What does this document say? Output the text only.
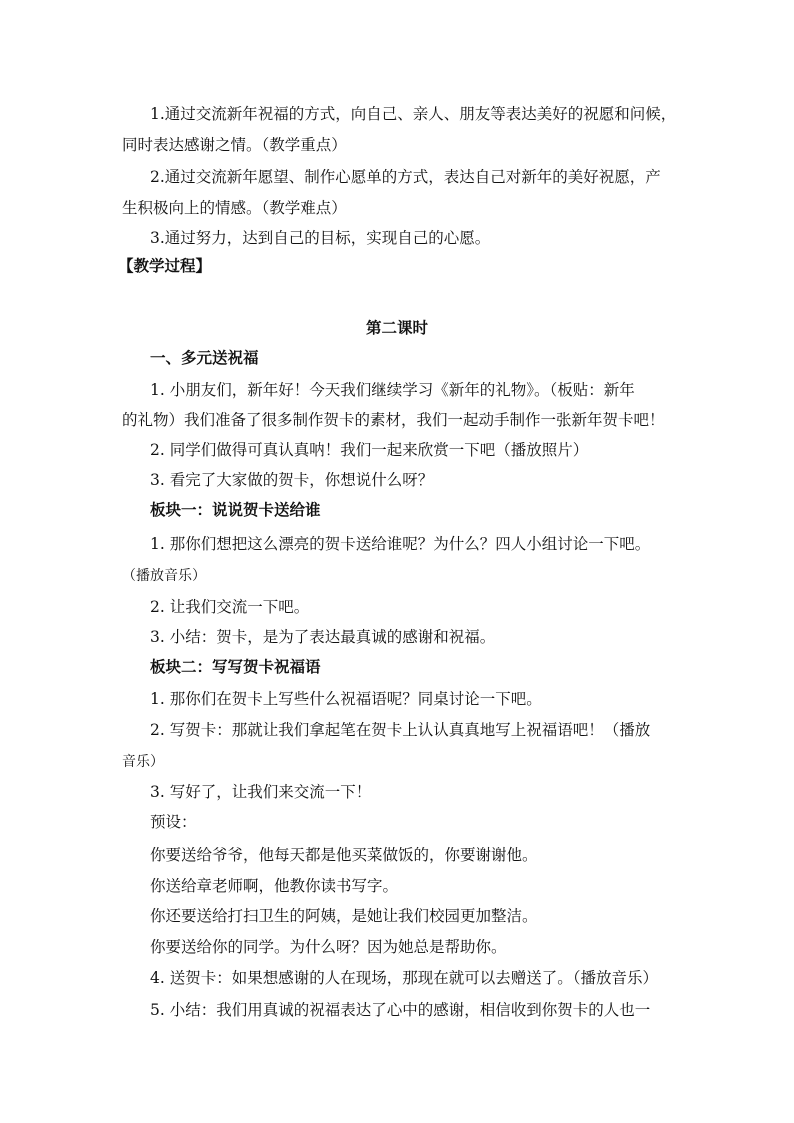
1.通过交流新年祝福的方式，向自己、亲人、朋友等表达美好的祝愿和问候，
同时表达感谢之情。（教学重点）
2.通过交流新年愿望、制作心愿单的方式，表达自己对新年的美好祝愿，产
生积极向上的情感。（教学难点）
3.通过努力，达到自己的目标，实现自己的心愿。
【教学过程】
第二课时
一、多元送祝福
1. 小朋友们，新年好！今天我们继续学习《新年的礼物》。（板贴：新年
的礼物）我们准备了很多制作贺卡的素材，我们一起动手制作一张新年贺卡吧！
2. 同学们做得可真认真呐！我们一起来欣赏一下吧（播放照片）
3. 看完了大家做的贺卡，你想说什么呀？
板块一：说说贺卡送给谁
1. 那你们想把这么漂亮的贺卡送给谁呢？为什么？四人小组讨论一下吧。
（播放音乐）
2. 让我们交流一下吧。
3. 小结：贺卡，是为了表达最真诚的感谢和祝福。
板块二：写写贺卡祝福语
1. 那你们在贺卡上写些什么祝福语呢？同桌讨论一下吧。
2. 写贺卡：那就让我们拿起笔在贺卡上认认真真地写上祝福语吧！（播放
音乐）
3. 写好了，让我们来交流一下！
预设：
你要送给爷爷，他每天都是他买菜做饭的，你要谢谢他。
你送给章老师啊，他教你读书写字。
你还要送给打扫卫生的阿姨，是她让我们校园更加整洁。
你要送给你的同学。为什么呀？因为她总是帮助你。
4. 送贺卡：如果想感谢的人在现场，那现在就可以去赠送了。（播放音乐）
5. 小结：我们用真诚的祝福表达了心中的感谢，相信收到你贺卡的人也一
